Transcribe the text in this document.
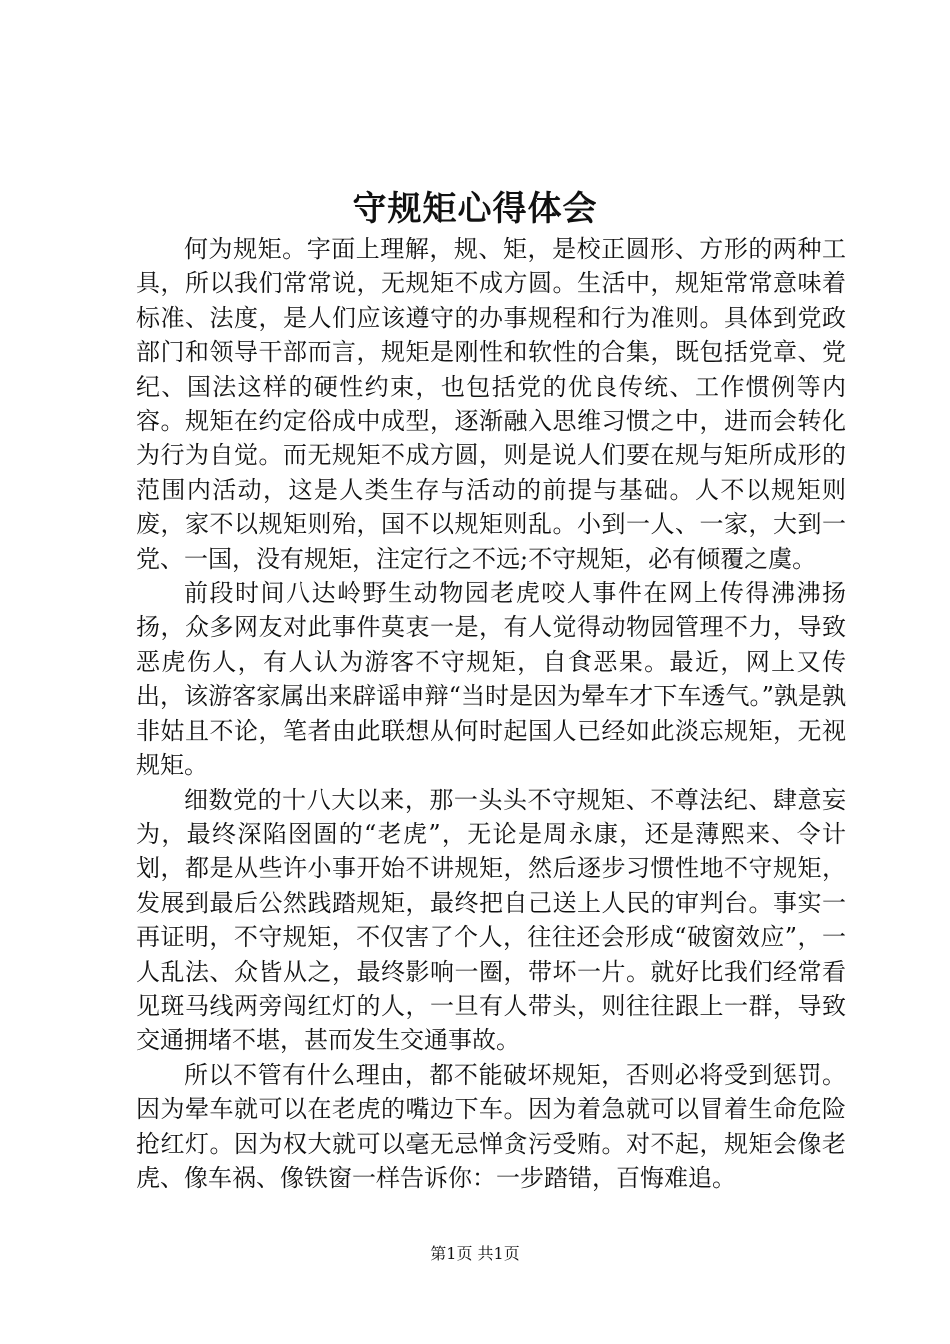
守规矩心得体会

何为规矩。字面上理解，规、矩，是校正圆形、方形的两种工具，所以我们常常说，无规矩不成方圆。生活中，规矩常常意味着标准、法度，是人们应该遵守的办事规程和行为准则。具体到党政部门和领导干部而言，规矩是刚性和软性的合集，既包括党章、党纪、国法这样的硬性约束，也包括党的优良传统、工作惯例等内容。规矩在约定俗成中成型，逐渐融入思维习惯之中，进而会转化为行为自觉。而无规矩不成方圆，则是说人们要在规与矩所成形的范围内活动，这是人类生存与活动的前提与基础。人不以规矩则废，家不以规矩则殆，国不以规矩则乱。小到一人、一家，大到一党、一国，没有规矩，注定行之不远;不守规矩，必有倾覆之虞。

前段时间八达岭野生动物园老虎咬人事件在网上传得沸沸扬扬，众多网友对此事件莫衷一是，有人觉得动物园管理不力，导致恶虎伤人，有人认为游客不守规矩，自食恶果。最近，网上又传出，该游客家属出来辟谣申辩“当时是因为晕车才下车透气。”孰是孰非姑且不论，笔者由此联想从何时起国人已经如此淡忘规矩，无视规矩。

细数党的十八大以来，那一头头不守规矩、不尊法纪、肆意妄为，最终深陷囹圄的“老虎”，无论是周永康，还是薄熙来、令计划，都是从些许小事开始不讲规矩，然后逐步习惯性地不守规矩，发展到最后公然践踏规矩，最终把自己送上人民的审判台。事实一再证明，不守规矩，不仅害了个人，往往还会形成“破窗效应”，一人乱法、众皆从之，最终影响一圈，带坏一片。就好比我们经常看见斑马线两旁闯红灯的人，一旦有人带头，则往往跟上一群，导致交通拥堵不堪，甚而发生交通事故。

所以不管有什么理由，都不能破坏规矩，否则必将受到惩罚。因为晕车就可以在老虎的嘴边下车。因为着急就可以冒着生命危险抢红灯。因为权大就可以毫无忌惮贪污受贿。对不起，规矩会像老虎、像车祸、像铁窗一样告诉你：一步踏错，百悔难追。

第1页 共1页
